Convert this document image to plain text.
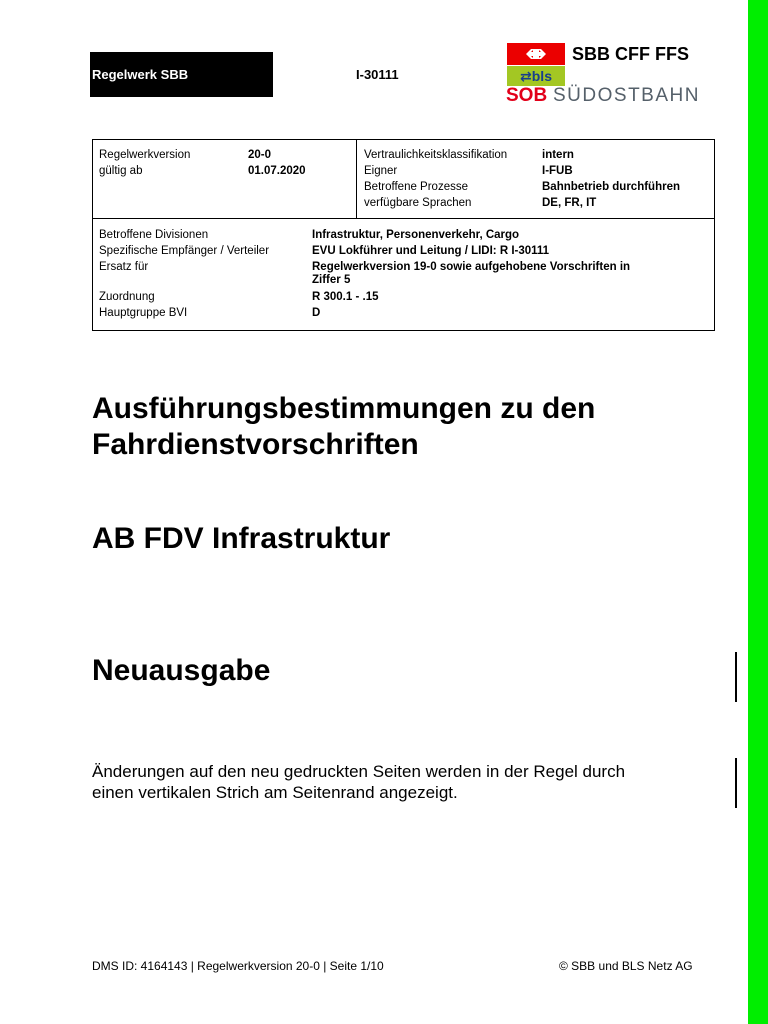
Regelwerk SBB	I-30111
SBB CFF FFS
⇄bls
SOB SÜDOSTBAHN
Regelwerkversion	20-0
gültig ab	01.07.2020
Vertraulichkeitsklassifikation	intern
Eigner	I-FUB
Betroffene Prozesse	Bahnbetrieb durchführen
verfügbare Sprachen	DE, FR, IT
Betroffene Divisionen	Infrastruktur, Personenverkehr, Cargo
Spezifische Empfänger / Verteiler	EVU Lokführer und Leitung / LIDI: R I-30111
Ersatz für	Regelwerkversion 19-0 sowie aufgehobene Vorschriften in
Ziffer 5
Zuordnung	R 300.1 - .15
Hauptgruppe BVI	D
Ausführungsbestimmungen zu den
Fahrdienstvorschriften
AB FDV Infrastruktur
Neuausgabe
Änderungen auf den neu gedruckten Seiten werden in der Regel durch
einen vertikalen Strich am Seitenrand angezeigt.
DMS ID: 4164143 | Regelwerkversion 20-0 | Seite 1/10	© SBB und BLS Netz AG
